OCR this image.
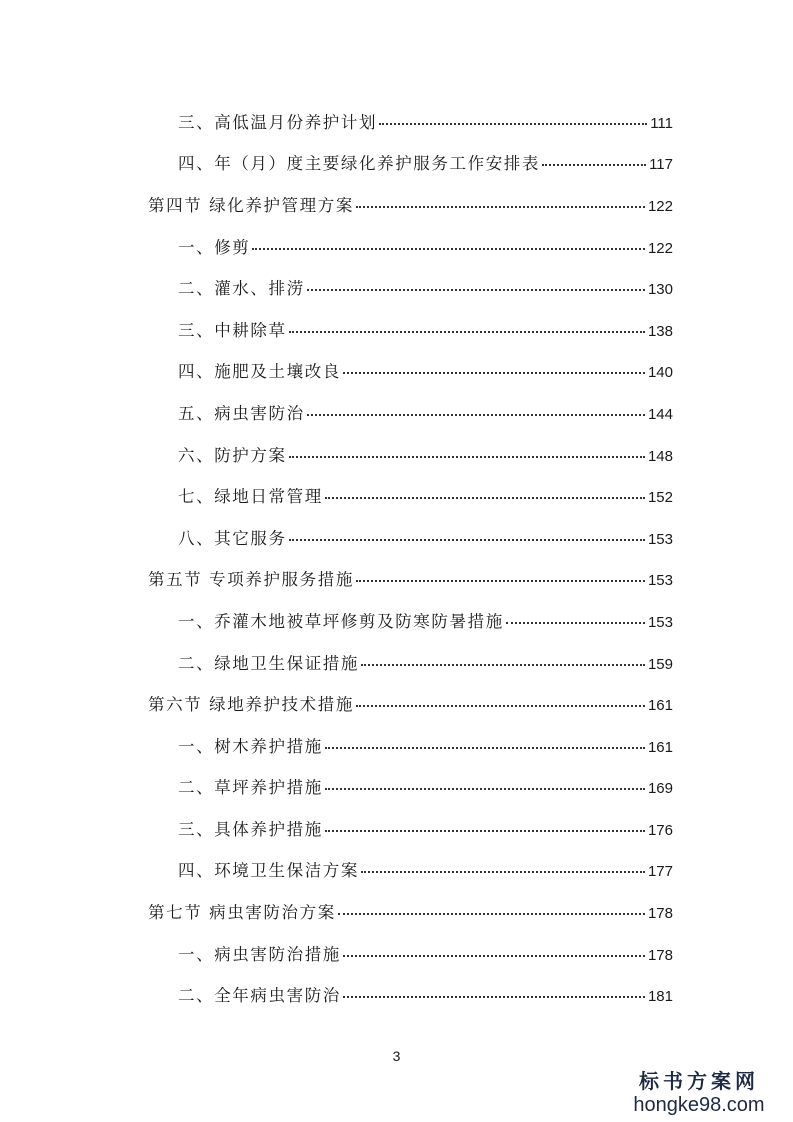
三、高低温月份养护计划	111
四、年（月）度主要绿化养护服务工作安排表	117
第四节 绿化养护管理方案	122
一、修剪	122
二、灌水、排涝	130
三、中耕除草	138
四、施肥及土壤改良	140
五、病虫害防治	144
六、防护方案	148
七、绿地日常管理	152
八、其它服务	153
第五节 专项养护服务措施	153
一、乔灌木地被草坪修剪及防寒防暑措施	153
二、绿地卫生保证措施	159
第六节 绿地养护技术措施	161
一、树木养护措施	161
二、草坪养护措施	169
三、具体养护措施	176
四、环境卫生保洁方案	177
第七节 病虫害防治方案	178
一、病虫害防治措施	178
二、全年病虫害防治	181
3
标书方案网
hongke98.com
